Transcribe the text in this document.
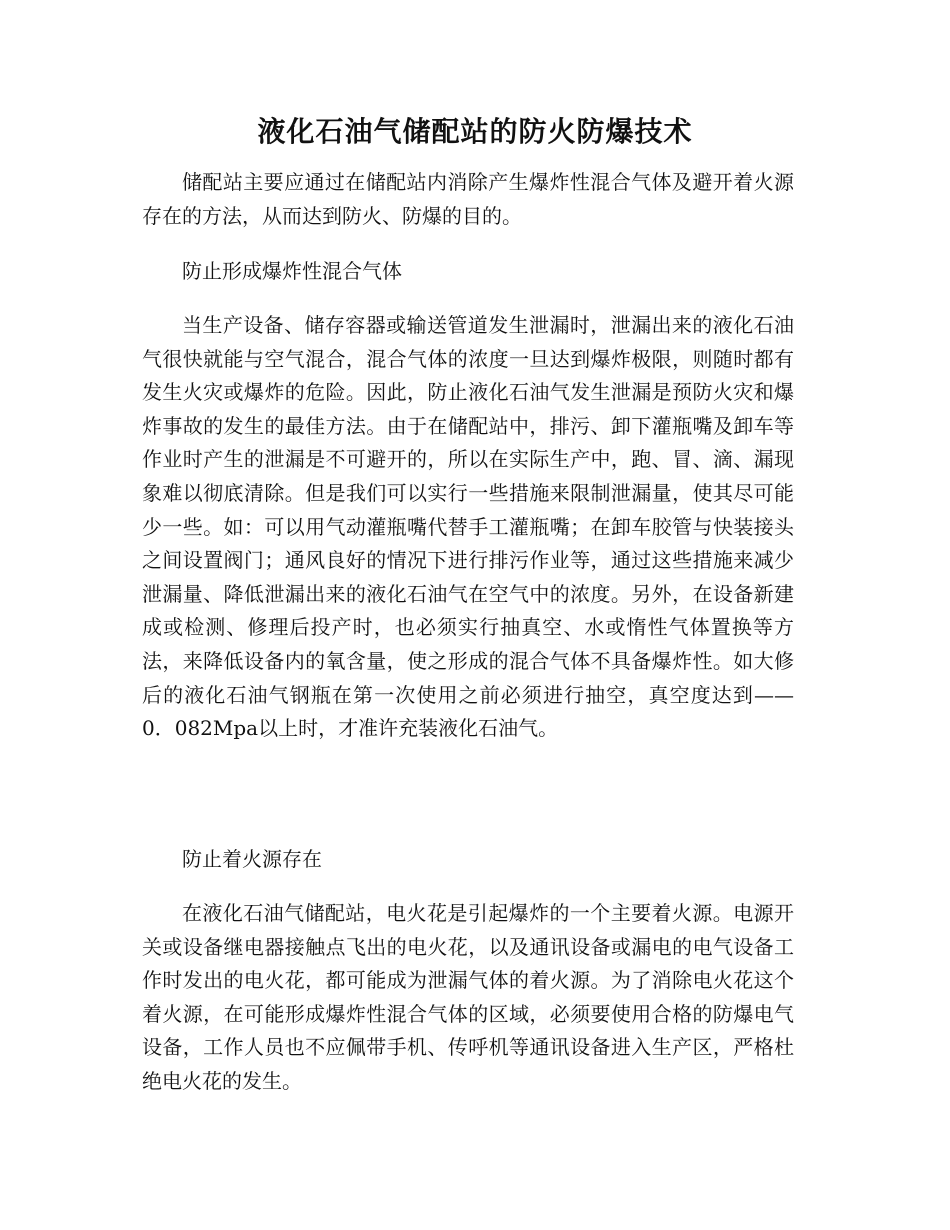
液化石油气储配站的防火防爆技术

储配站主要应通过在储配站内消除产生爆炸性混合气体及避开着火源存在的方法，从而达到防火、防爆的目的。

防止形成爆炸性混合气体

当生产设备、储存容器或输送管道发生泄漏时，泄漏出来的液化石油气很快就能与空气混合，混合气体的浓度一旦达到爆炸极限，则随时都有发生火灾或爆炸的危险。因此，防止液化石油气发生泄漏是预防火灾和爆炸事故的发生的最佳方法。由于在储配站中，排污、卸下灌瓶嘴及卸车等作业时产生的泄漏是不可避开的，所以在实际生产中，跑、冒、滴、漏现象难以彻底清除。但是我们可以实行一些措施来限制泄漏量，使其尽可能少一些。如：可以用气动灌瓶嘴代替手工灌瓶嘴；在卸车胶管与快装接头之间设置阀门；通风良好的情况下进行排污作业等，通过这些措施来减少泄漏量、降低泄漏出来的液化石油气在空气中的浓度。另外，在设备新建成或检测、修理后投产时，也必须实行抽真空、水或惰性气体置换等方法，来降低设备内的氧含量，使之形成的混合气体不具备爆炸性。如大修后的液化石油气钢瓶在第一次使用之前必须进行抽空，真空度达到——0．082Mpa以上时，才准许充装液化石油气。

防止着火源存在

在液化石油气储配站，电火花是引起爆炸的一个主要着火源。电源开关或设备继电器接触点飞出的电火花，以及通讯设备或漏电的电气设备工作时发出的电火花，都可能成为泄漏气体的着火源。为了消除电火花这个着火源，在可能形成爆炸性混合气体的区域，必须要使用合格的防爆电气设备，工作人员也不应佩带手机、传呼机等通讯设备进入生产区，严格杜绝电火花的发生。
